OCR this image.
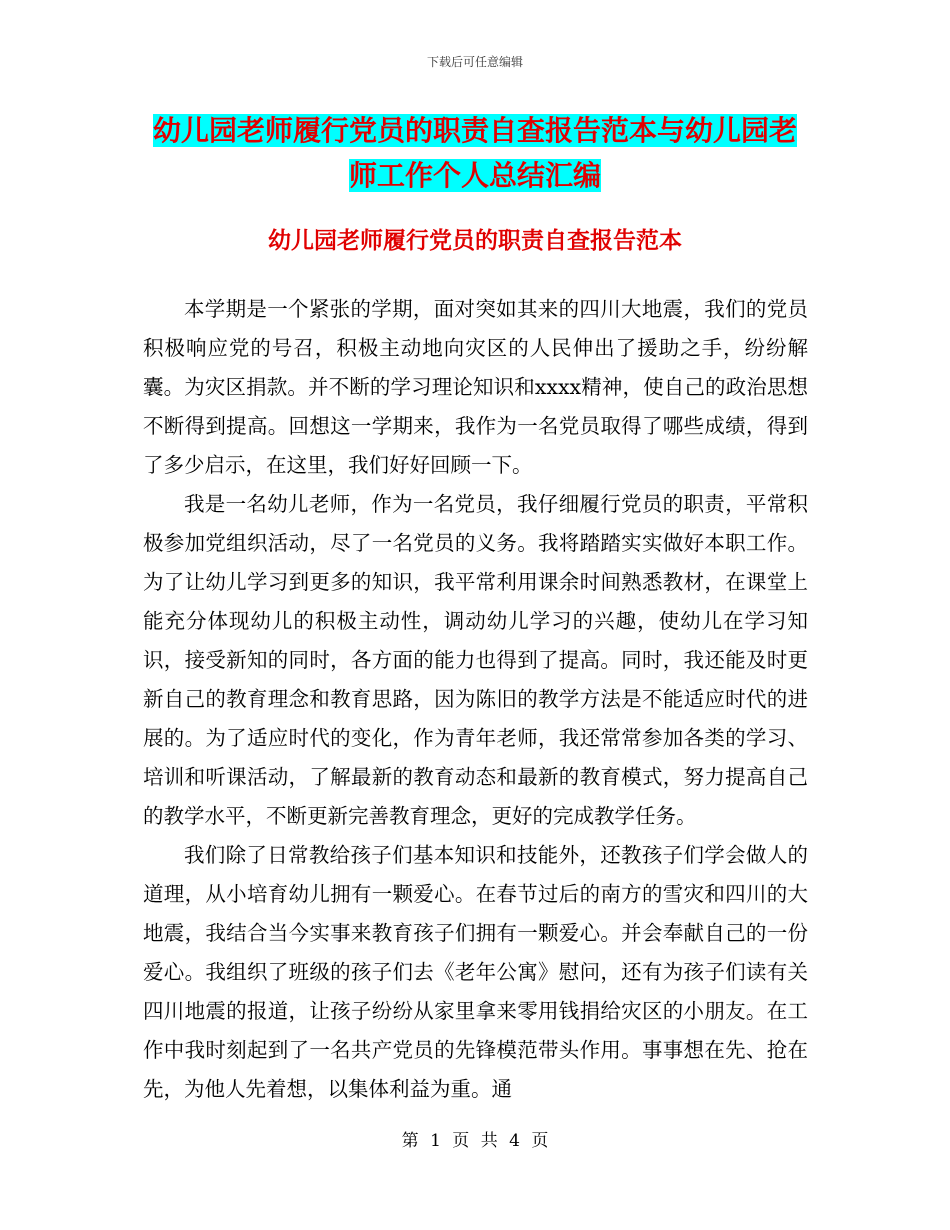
下载后可任意编辑
幼儿园老师履行党员的职责自查报告范本与幼儿园老师工作个人总结汇编
幼儿园老师履行党员的职责自查报告范本

本学期是一个紧张的学期，面对突如其来的四川大地震，我们的党员积极响应党的号召，积极主动地向灾区的人民伸出了援助之手，纷纷解囊。为灾区捐款。并不断的学习理论知识和xxxx精神，使自己的政治思想不断得到提高。回想这一学期来，我作为一名党员取得了哪些成绩，得到了多少启示，在这里，我们好好回顾一下。

我是一名幼儿老师，作为一名党员，我仔细履行党员的职责，平常积极参加党组织活动，尽了一名党员的义务。我将踏踏实实做好本职工作。为了让幼儿学习到更多的知识，我平常利用课余时间熟悉教材，在课堂上能充分体现幼儿的积极主动性，调动幼儿学习的兴趣，使幼儿在学习知识，接受新知的同时，各方面的能力也得到了提高。同时，我还能及时更新自己的教育理念和教育思路，因为陈旧的教学方法是不能适应时代的进展的。为了适应时代的变化，作为青年老师，我还常常参加各类的学习、培训和听课活动，了解最新的教育动态和最新的教育模式，努力提高自己的教学水平，不断更新完善教育理念，更好的完成教学任务。

我们除了日常教给孩子们基本知识和技能外，还教孩子们学会做人的道理，从小培育幼儿拥有一颗爱心。在春节过后的南方的雪灾和四川的大地震，我结合当今实事来教育孩子们拥有一颗爱心。并会奉献自己的一份爱心。我组织了班级的孩子们去《老年公寓》慰问，还有为孩子们读有关四川地震的报道，让孩子纷纷从家里拿来零用钱捐给灾区的小朋友。在工作中我时刻起到了一名共产党员的先锋模范带头作用。事事想在先、抢在先，为他人先着想，以集体利益为重。通

第 1 页 共 4 页
